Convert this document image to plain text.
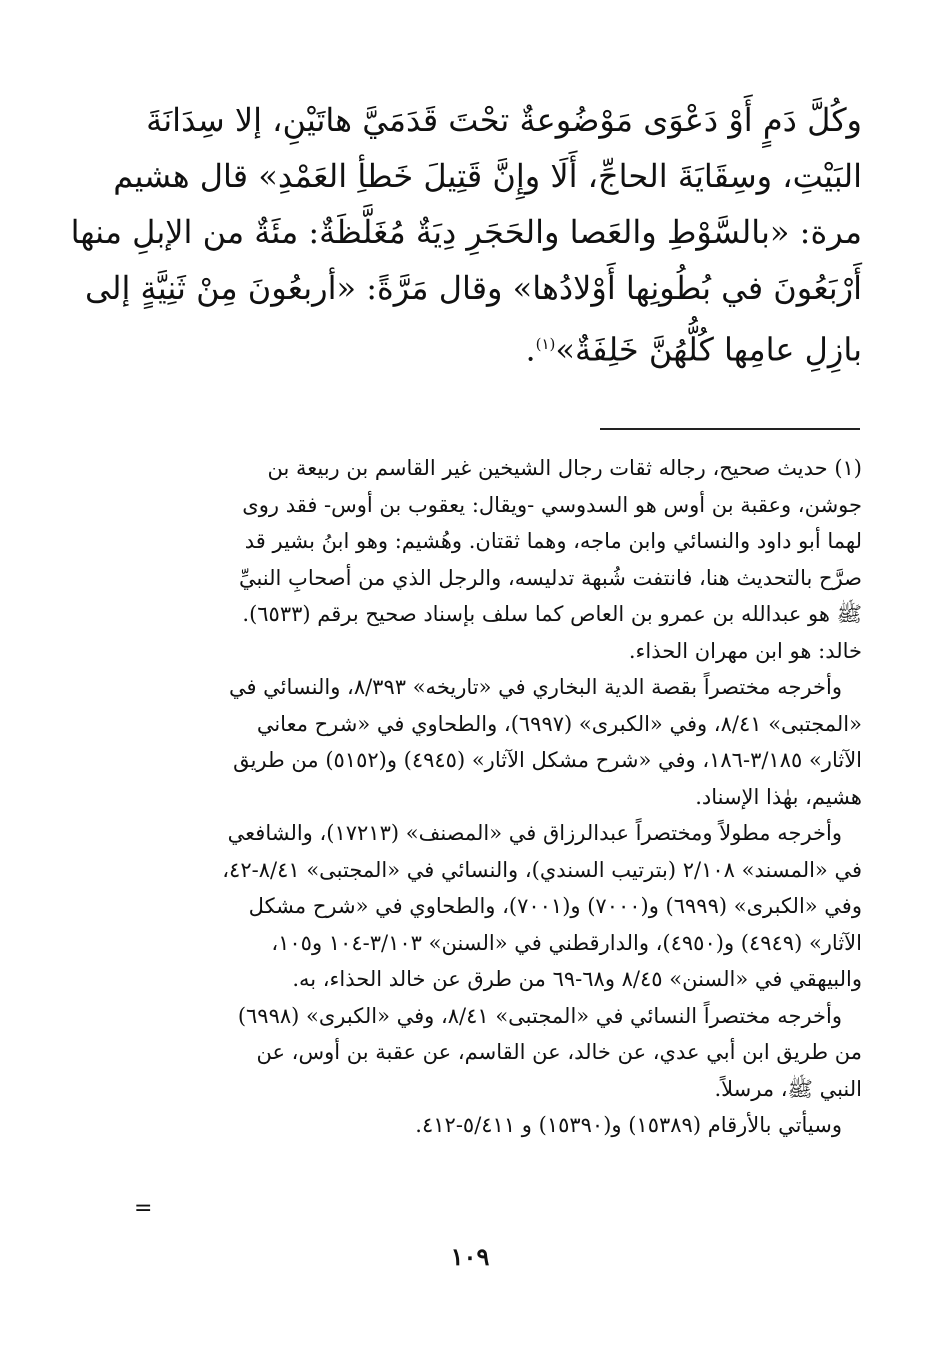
وكُلَّ دَمٍ أَوْ دَعْوَى مَوْضُوعةٌ تحْتَ قَدَمَيَّ هاتَيْنِ، إلا سِدَانَةَ
البَيْتِ، وسِقَايَةَ الحاجِّ، أَلَا وإِنَّ قَتِيلَ خَطأِ العَمْدِ» قال هشيم
مرة: «بالسَّوْطِ والعَصا والحَجَرِ دِيَةٌ مُغَلَّظَةٌ: مئَةٌ من الإبلِ منها
أَرْبَعُونَ في بُطُونِها أَوْلادُها» وقال مَرَّةً: «أربعُونَ مِنْ ثَنِيَّةٍ إلى
بازِلِ عامِها كُلُّهُنَّ خَلِفَةٌ»$^{(١)}$.
(١) حديث صحيح، رجاله ثقات رجال الشيخين غير القاسم بن ربيعة بن
جوشن، وعقبة بن أوس هو السدوسي -ويقال: يعقوب بن أوس- فقد روى
لهما أبو داود والنسائي وابن ماجه، وهما ثقتان. وهُشيم: وهو ابنُ بشير قد
صرَّح بالتحديث هنا، فانتفت شُبهة تدليسه، والرجل الذي من أصحابِ النبيِّ
ﷺ هو عبدالله بن عمرو بن العاص كما سلف بإسناد صحيح برقم (٦٥٣٣).
خالد: هو ابن مهران الحذاء.
وأخرجه مختصراً بقصة الدية البخاري في «تاريخه» ٨/٣٩٣، والنسائي في
«المجتبى» ٨/٤١، وفي «الكبرى» (٦٩٩٧)، والطحاوي في «شرح معاني
الآثار» ٣/١٨٥-١٨٦، وفي «شرح مشكل الآثار» (٤٩٤٥) و(٥١٥٢) من طريق
هشيم، بهٰذا الإسناد.
وأخرجه مطولاً ومختصراً عبدالرزاق في «المصنف» (١٧٢١٣)، والشافعي
في «المسند» ٢/١٠٨ (بترتيب السندي)، والنسائي في «المجتبى» ٨/٤١-٤٢،
وفي «الكبرى» (٦٩٩٩) و(٧٠٠٠) و(٧٠٠١)، والطحاوي في «شرح مشكل
الآثار» (٤٩٤٩) و(٤٩٥٠)، والدارقطني في «السنن» ٣/١٠٣-١٠٤ و١٠٥،
والبيهقي في «السنن» ٨/٤٥ و٦٨-٦٩ من طرق عن خالد الحذاء، به.
وأخرجه مختصراً النسائي في «المجتبى» ٨/٤١، وفي «الكبرى» (٦٩٩٨)
من طريق ابن أبي عدي، عن خالد، عن القاسم، عن عقبة بن أوس، عن
النبي ﷺ، مرسلاً.
وسيأتي بالأرقام (١٥٣٨٩) و(١٥٣٩٠) و ٥/٤١١-٤١٢.
=
١٠٩
